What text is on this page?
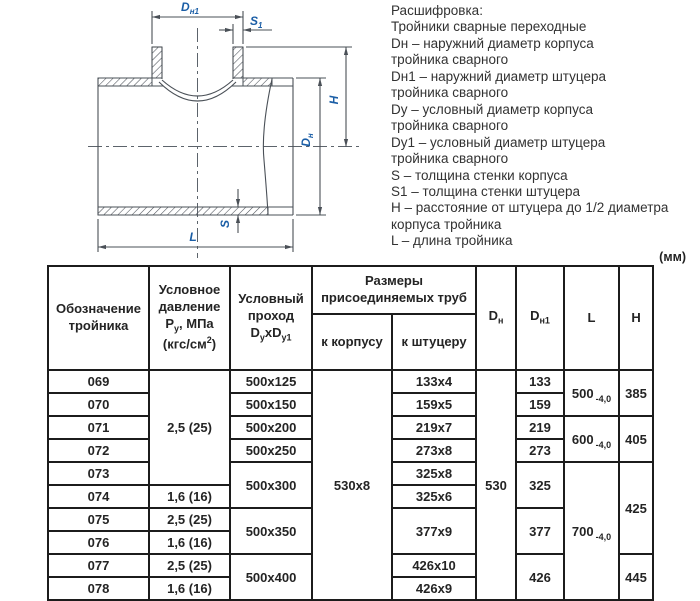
$D_{н1}$
$S_1$
H
$D_н$
S
L
Расшифровка:
Тройники сварные переходные
Dн – наружний диаметр корпуса
тройника сварного
Dн1 – наружний диаметр штуцера
тройника сварного
Dу – условный диаметр корпуса
тройника сварного
Dу1 – условный диаметр штуцера
тройника сварного
S – толщина стенки корпуса
S1 – толщина стенки штуцера
H – расстояние от штуцера до 1/2 диаметра
корпуса тройника
L – длина тройника
(мм)
Обозначение
тройника

Условное
давление
$P_у$, МПа
$(кгс/см^2)$

Условный
проход
$D_уxD_{у1}$

Размеры
присоединяемых труб
	$D_н$	$D_{н1}$	L	H
			к корпусу	к штуцеру				
069	2,5 (25)	500x125	530x8	133x4	530	133	500 -4,0	385
070		500x150		159x5		159		
071		500x200		219x7		219	600 -4,0	405
072		500x250		273x8		273		
073		500x300		325x8		325	700 -4,0	425
074	1,6 (16)			325x6				
075	2,5 (25)	500x350		377x9		377		
076	1,6 (16)							
077	2,5 (25)	500x400		426x10		426		445
078	1,6 (16)			426x9				
